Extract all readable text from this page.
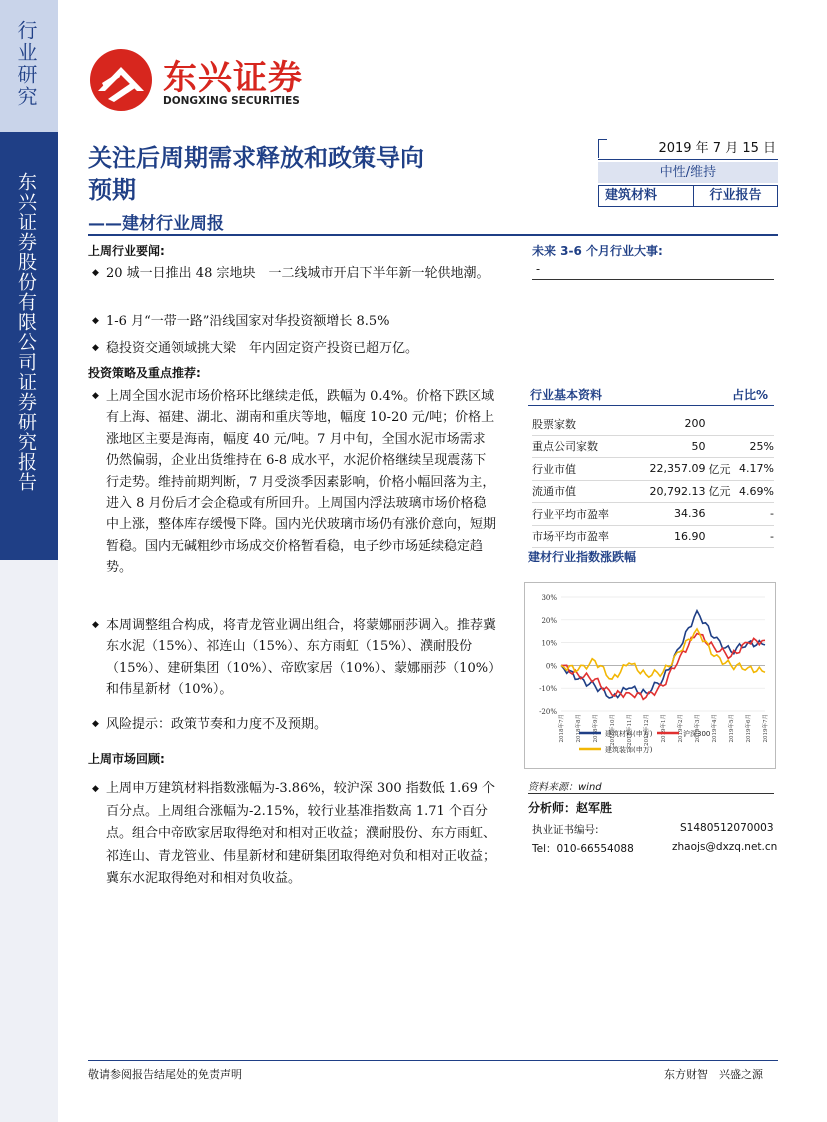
行业研究
东兴证券股份有限公司证券研究报告
东兴证券
DONGXING SECURITIES
关注后周期需求释放和政策导向
预期
——建材行业周报
2019 年 7 月 15 日
中性/维持
建筑材料	行业报告
上周行业要闻:
◆ 20 城一日推出 48 宗地块　一二线城市开启下半年新一轮供地潮。
◆ 1-6 月“一带一路”沿线国家对华投资额增长 8.5%
◆ 稳投资交通领域挑大梁　年内固定资产投资已超万亿。
投资策略及重点推荐:
◆ 上周全国水泥市场价格环比继续走低，跌幅为 0.4%。价格下跌区域有上海、福建、湖北、湖南和重庆等地，幅度 10-20 元/吨；价格上涨地区主要是海南，幅度 40 元/吨。7 月中旬，全国水泥市场需求仍然偏弱，企业出货维持在 6-8 成水平，水泥价格继续呈现震荡下行走势。维持前期判断，7 月受淡季因素影响，价格小幅回落为主，进入 8 月份后才会企稳或有所回升。上周国内浮法玻璃市场价格稳中上涨，整体库存缓慢下降。国内光伏玻璃市场仍有涨价意向，短期暂稳。国内无碱粗纱市场成交价格暂看稳，电子纱市场延续稳定趋势。
◆ 本周调整组合构成，将青龙管业调出组合，将蒙娜丽莎调入。推荐冀东水泥（15%）、祁连山（15%）、东方雨虹（15%）、濮耐股份（15%）、建研集团（10%）、帝欧家居（10%）、蒙娜丽莎（10%）和伟星新材（10%）。
◆ 风险提示：政策节奏和力度不及预期。
上周市场回顾:
◆ 上周申万建筑材料指数涨幅为-3.86%，较沪深 300 指数低 1.69 个百分点。上周组合涨幅为-2.15%，较行业基准指数高 1.71 个百分点。组合中帝欧家居取得绝对和相对正收益；濮耐股份、东方雨虹、祁连山、青龙管业、伟星新材和建研集团取得绝对负和相对正收益；冀东水泥取得绝对和相对负收益。
未来 3-6 个月行业大事:
-
行业基本资料	占比%
股票家数	200		
重点公司家数	50		25%
行业市值	22,357.09	亿元	4.17%
流通市值	20,792.13	亿元	4.69%
行业平均市盈率	34.36		-
市场平均市盈率	16.90		-
建材行业指数涨跌幅
30%
20%
10%
0%
-10%
-20%
2018年7月	2018年8月	2018年9月	2018年10月	2018年11月	2018年12月	2019年1月	2019年2月	2019年3月	2019年4月	2019年5月	2019年6月	2019年7月
建筑材料(申万)	沪深300
建筑装饰(申万)
资料来源：wind
分析师：赵军胜
执业证书编号:	S1480512070003
Tel：010-66554088	zhaojs@dxzq.net.cn
敬请参阅报告结尾处的免责声明	东方财智　兴盛之源
